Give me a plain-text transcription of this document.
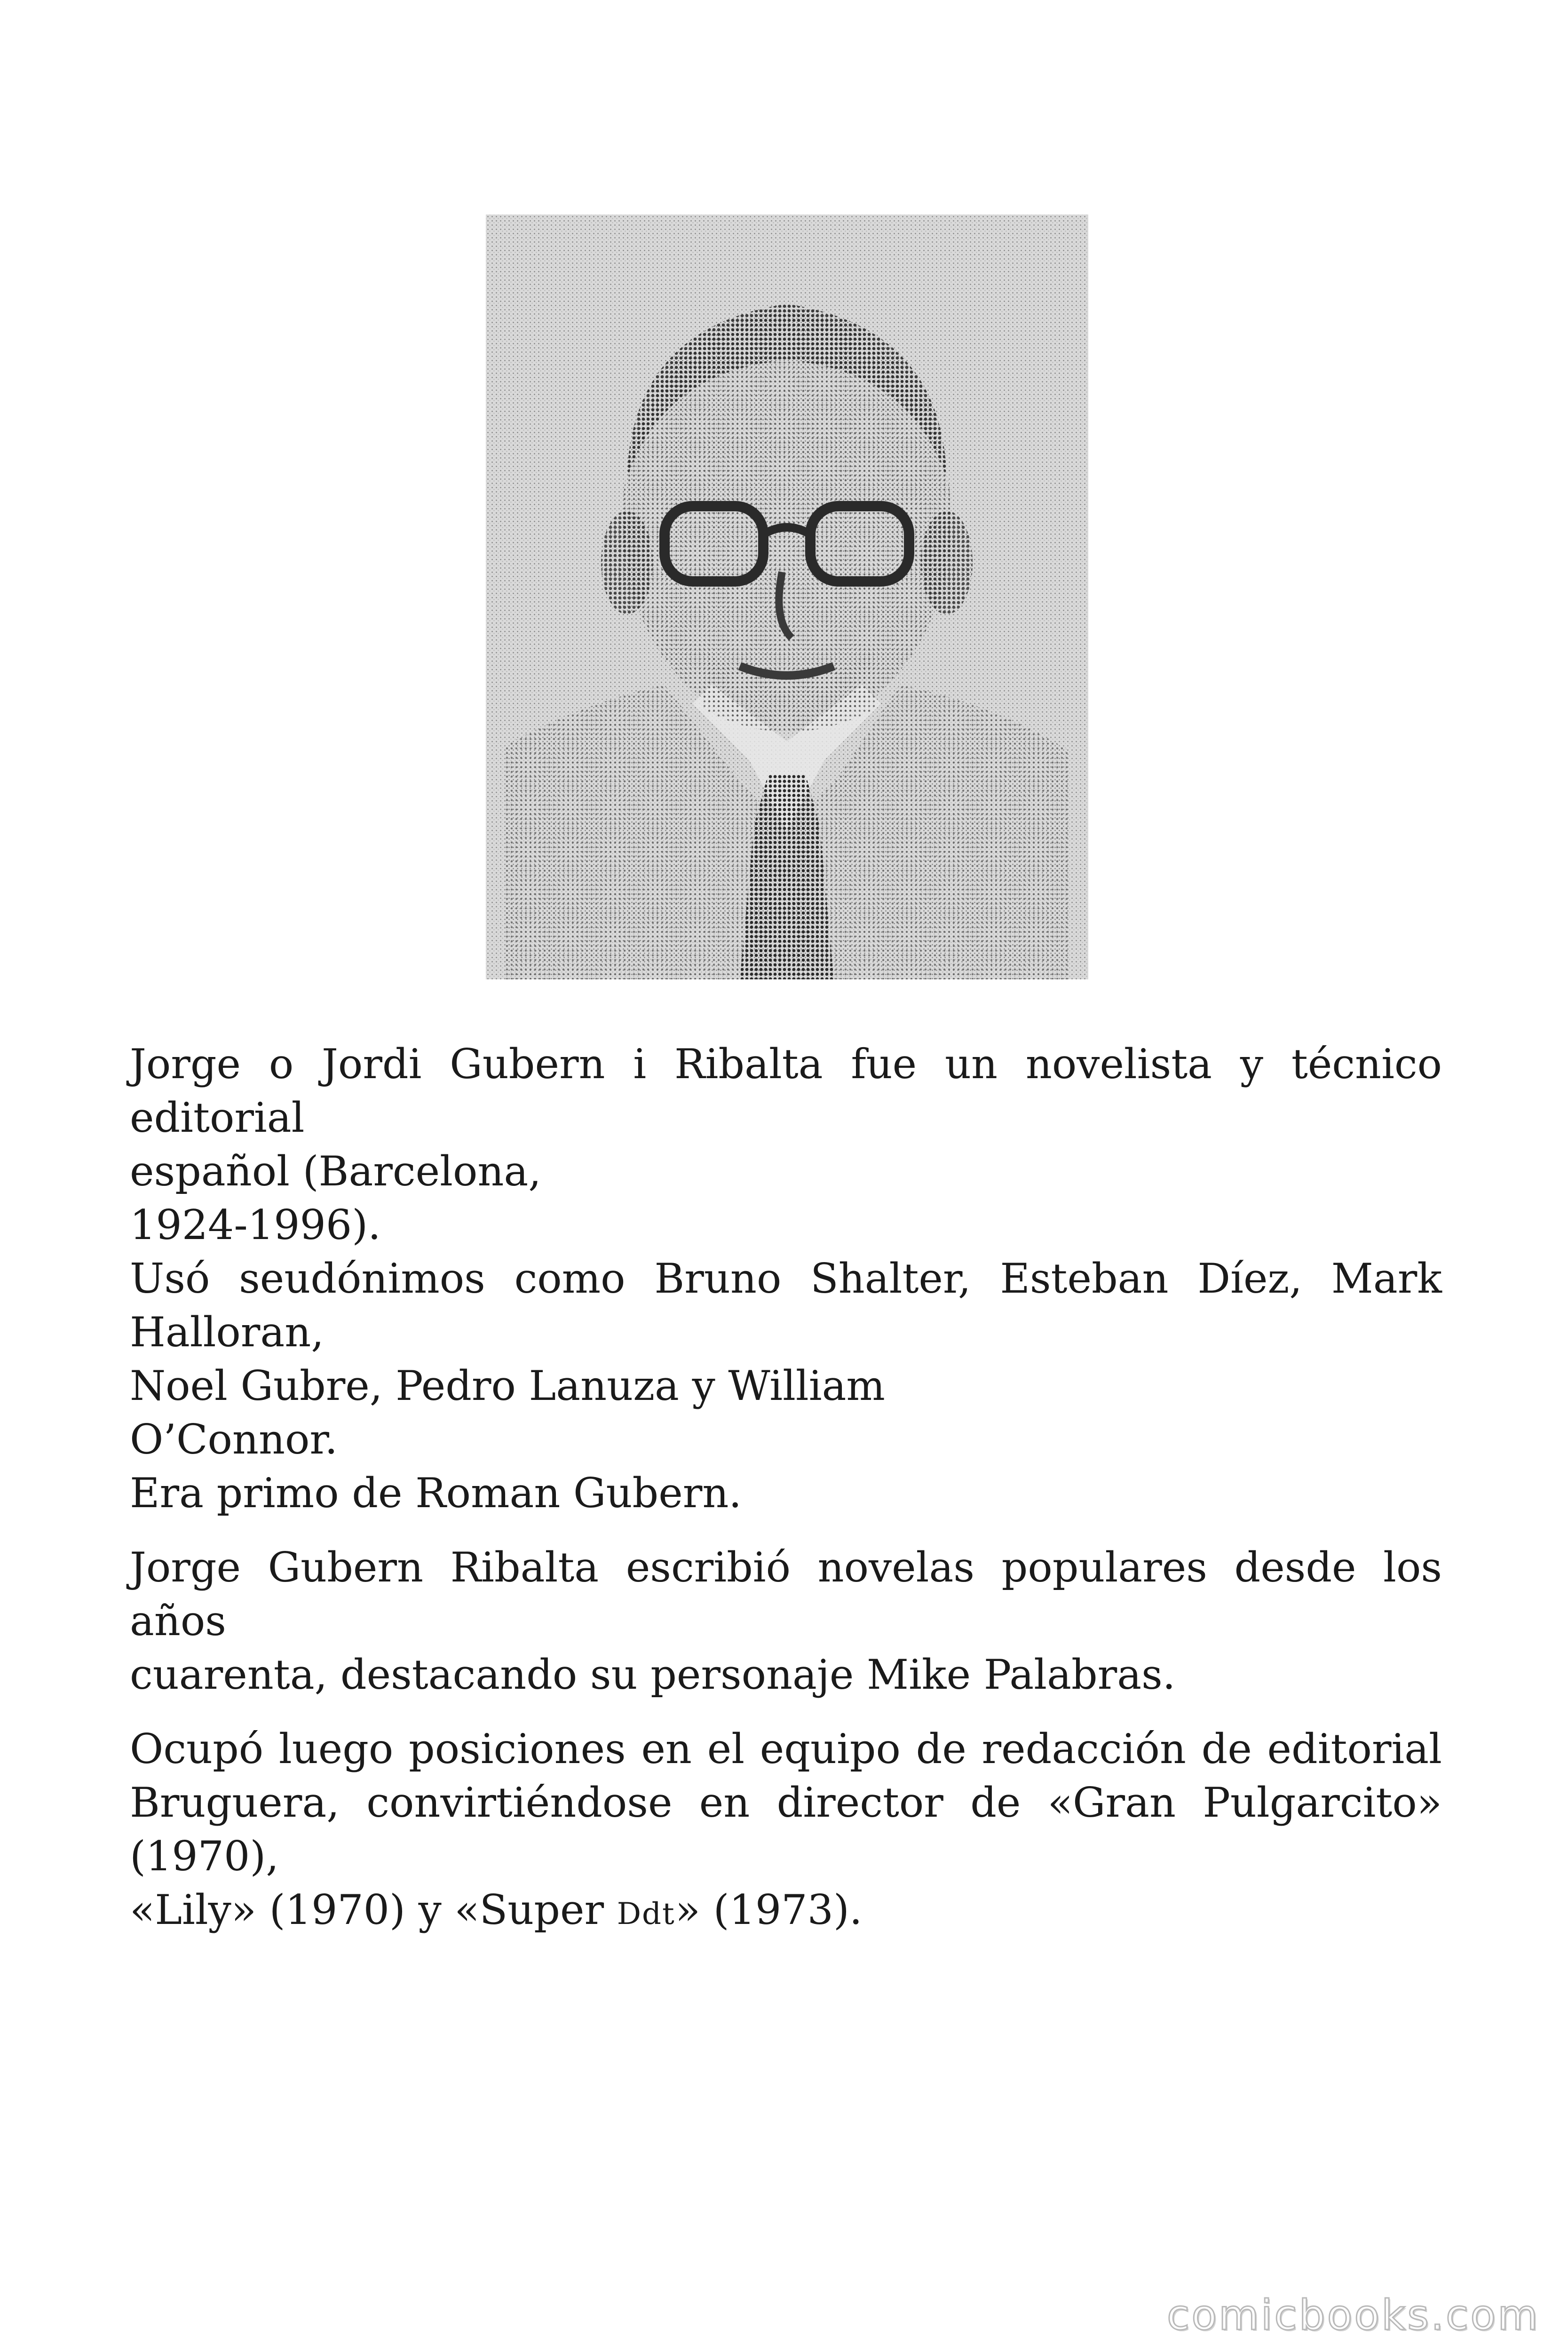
Jorge o Jordi Gubern i Ribalta fue un novelista y técnico editorial
español (Barcelona,
1924-1996).
Usó seudónimos como Bruno Shalter, Esteban Díez, Mark Halloran,
Noel Gubre, Pedro Lanuza y William
O’Connor.
Era primo de Roman Gubern.

Jorge Gubern Ribalta escribió novelas populares desde los años
cuarenta, destacando su personaje Mike Palabras.

Ocupó luego posiciones en el equipo de redacción de editorial
Bruguera, convirtiéndose en director de «Gran Pulgarcito» (1970),
«Lily» (1970) y «Super Ddt» (1973).

comicbooks.com
